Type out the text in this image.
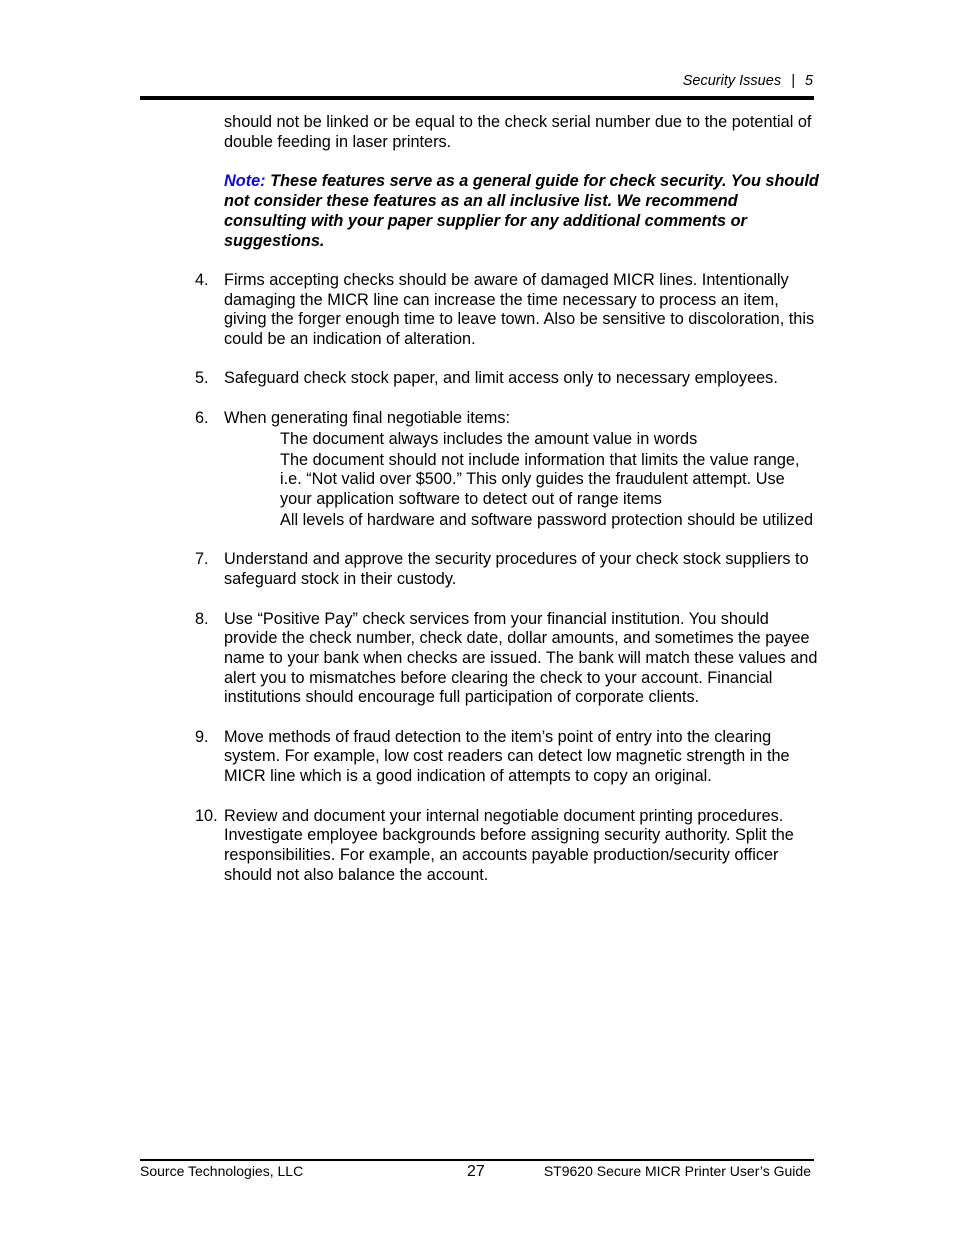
Security Issues | 5

should not be linked or be equal to the check serial number due to the potential of double feeding in laser printers.

Note: These features serve as a general guide for check security. You should not consider these features as an all inclusive list. We recommend consulting with your paper supplier for any additional comments or suggestions.

4. Firms accepting checks should be aware of damaged MICR lines. Intentionally damaging the MICR line can increase the time necessary to process an item, giving the forger enough time to leave town. Also be sensitive to discoloration, this could be an indication of alteration.
5. Safeguard check stock paper, and limit access only to necessary employees.
6. When generating final negotiable items:
The document always includes the amount value in words
The document should not include information that limits the value range, i.e. “Not valid over $500.” This only guides the fraudulent attempt. Use your application software to detect out of range items
All levels of hardware and software password protection should be utilized
7. Understand and approve the security procedures of your check stock suppliers to safeguard stock in their custody.
8. Use “Positive Pay” check services from your financial institution. You should provide the check number, check date, dollar amounts, and sometimes the payee name to your bank when checks are issued. The bank will match these values and alert you to mismatches before clearing the check to your account. Financial institutions should encourage full participation of corporate clients.
9. Move methods of fraud detection to the item’s point of entry into the clearing system. For example, low cost readers can detect low magnetic strength in the MICR line which is a good indication of attempts to copy an original.
10. Review and document your internal negotiable document printing procedures. Investigate employee backgrounds before assigning security authority. Split the responsibilities. For example, an accounts payable production/security officer should not also balance the account.
Source Technologies, LLC	27	ST9620 Secure MICR Printer User’s Guide
